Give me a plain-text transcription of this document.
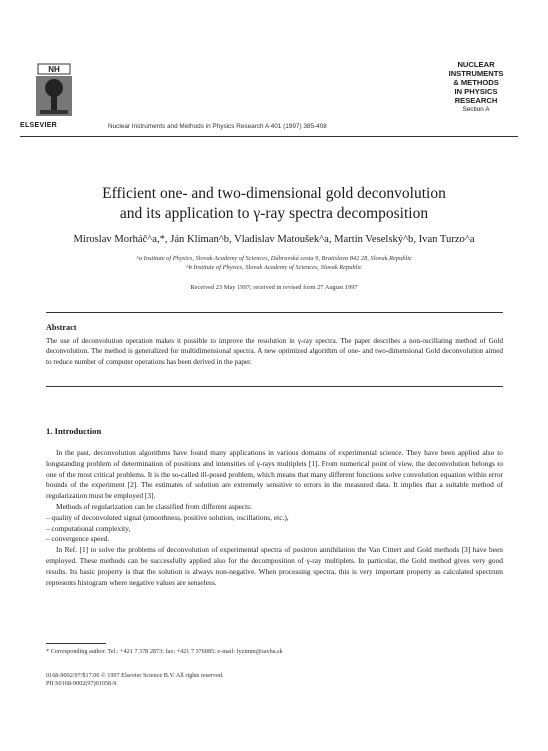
NH
ELSEVIER	Nuclear Instruments and Methods in Physics Research A 401 (1997) 385-408
NUCLEAR
INSTRUMENTS
& METHODS
IN PHYSICS
RESEARCH
Section A
Efficient one- and two-dimensional gold deconvolution
and its application to γ-ray spectra decomposition
Miroslav Morháč^a,*, Ján Kliman^b, Vladislav Matoušek^a, Martin Veselský^b, Ivan Turzo^a
^a Institute of Physics, Slovak Academy of Sciences, Dúbravská cesta 9, Bratislava 842 28, Slovak Republic
^b Institute of Physics, Slovak Academy of Sciences, Slovak Republic
Received 23 May 1997; received in revised form 27 August 1997
Abstract
The use of deconvolution operation makes it possible to improve the resolution in γ-ray spectra. The paper describes a non-oscillating method of Gold deconvolution. The method is generalized for multidimensional spectra. A new optimized algorithm of one- and two-dimensional Gold deconvolution aimed to reduce number of computer operations has been derived in the paper.
1. Introduction

In the past, deconvolution algorithms have found many applications in various domains of experimental science. They have been applied also to longstanding problem of determination of positions and intensities of γ-rays multiplets [1]. From numerical point of view, the deconvolution belongs to one of the most critical problems. It is the so-called ill-posed problem, which means that many different functions solve convolution equation within error bounds of the experiment [2]. The estimates of solution are extremely sensitive to errors in the measured data. It implies that a suitable method of regularization must be employed [3].

Methods of regularization can be classified from different aspects:

– quality of deconvoluted signal (smoothness, positive solution, oscillations, etc.),

– computational complexity,

– convergence speed.

In Ref. [1] to solve the problems of deconvolution of experimental spectra of positron annihilation the Van Cittert and Gold methods [3] have been employed. These methods can be successfully applied also for the decomposition of γ-ray multiplets. In particular, the Gold method gives very good results. Its basic property is that the solution is always non-negative. When processing spectra, this is very important property as calculated spectrum represents histogram where negative values are senseless.

* Corresponding author. Tel.: +421 7 378 2873; fax: +421 7 376085; e-mail: fyzimm@savba.sk
0168-9002/97/$17.00 © 1997 Elsevier Science B.V. All rights reserved.
PII S0168-9002(97)01058-9
